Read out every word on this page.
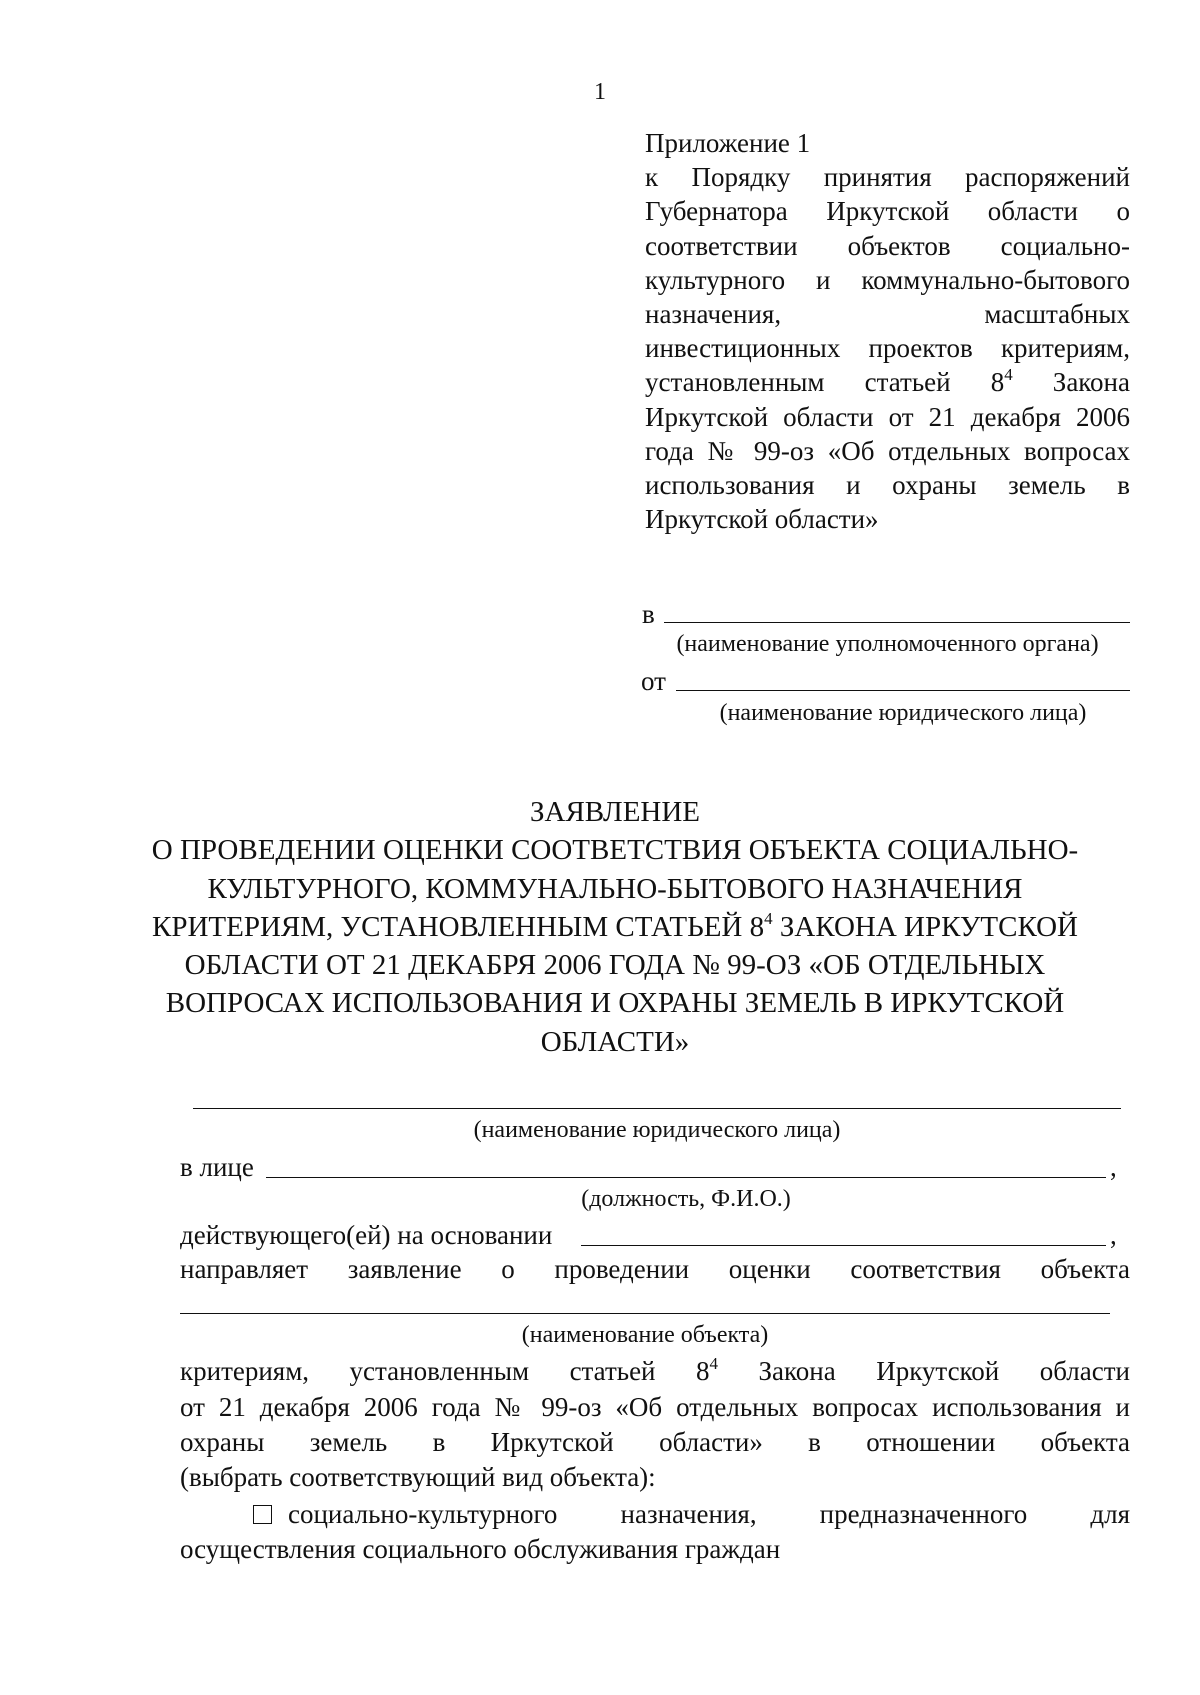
1
Приложение 1
к Порядку принятия распоряжений
Губернатора Иркутской области о
соответствии объектов социально-
культурного и коммунально-бытового
назначения, масштабных
инвестиционных проектов критериям,
установленным статьей $8^4$ Закона
Иркутской области от 21 декабря 2006
года № 99-оз «Об отдельных вопросах
использования и охраны земель в
Иркутской области»
в
(наименование уполномоченного органа)
от
(наименование юридического лица)
ЗАЯВЛЕНИЕ
О ПРОВЕДЕНИИ ОЦЕНКИ СООТВЕТСТВИЯ ОБЪЕКТА СОЦИАЛЬНО-
КУЛЬТУРНОГО, КОММУНАЛЬНО-БЫТОВОГО НАЗНАЧЕНИЯ
КРИТЕРИЯМ, УСТАНОВЛЕННЫМ СТАТЬЕЙ $8^4$ ЗАКОНА ИРКУТСКОЙ
ОБЛАСТИ ОТ 21 ДЕКАБРЯ 2006 ГОДА № 99-ОЗ «ОБ ОТДЕЛЬНЫХ
ВОПРОСАХ ИСПОЛЬЗОВАНИЯ И ОХРАНЫ ЗЕМЕЛЬ В ИРКУТСКОЙ
ОБЛАСТИ»
(наименование юридического лица)
в лице	,
(должность, Ф.И.О.)
действующего(ей) на основании	,
направляет заявление о проведении оценки соответствия объекта
(наименование объекта)
критериям, установленным статьей $8^4$ Закона Иркутской области
от 21 декабря 2006 года № 99-оз «Об отдельных вопросах использования и
охраны земель в Иркутской области» в отношении объекта
(выбрать соответствующий вид объекта):
социально-культурного назначения, предназначенного для
осуществления социального обслуживания граждан
